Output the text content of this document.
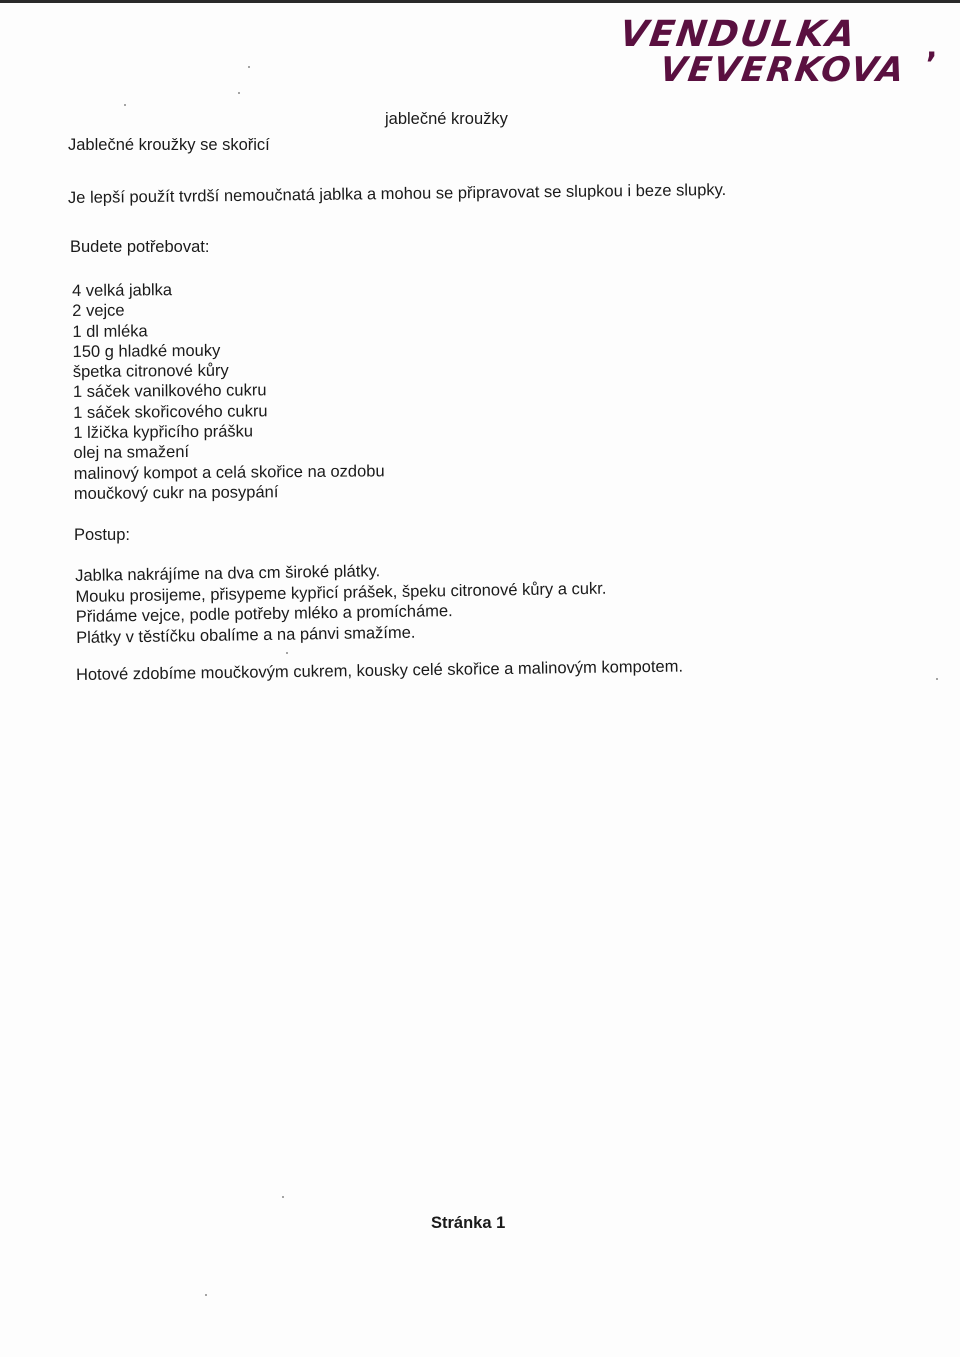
VENDULKA
VEVERKOVA
,
Jablečné kroužky se skořicí
jablečné kroužky
Je lepší použít tvrdší nemoučnatá jablka a mohou se připravovat se slupkou i beze slupky.
Budete potřebovat:
4 velká jablka
2 vejce
1 dl mléka
150 g hladké mouky
špetka citronové kůry
1 sáček vanilkového cukru
1 sáček skořicového cukru
1 lžička kypřicího prášku
olej na smažení
malinový kompot a celá skořice na ozdobu
moučkový cukr na posypání
Postup:
Jablka nakrájíme na dva cm široké plátky.
Mouku prosijeme, přisypeme kypřicí prášek, špeku citronové kůry a cukr.
Přidáme vejce, podle potřeby mléko a promícháme.
Plátky v těstíčku obalíme a na pánvi smažíme.
Hotové zdobíme moučkovým cukrem, kousky celé skořice a malinovým kompotem.
Stránka 1
